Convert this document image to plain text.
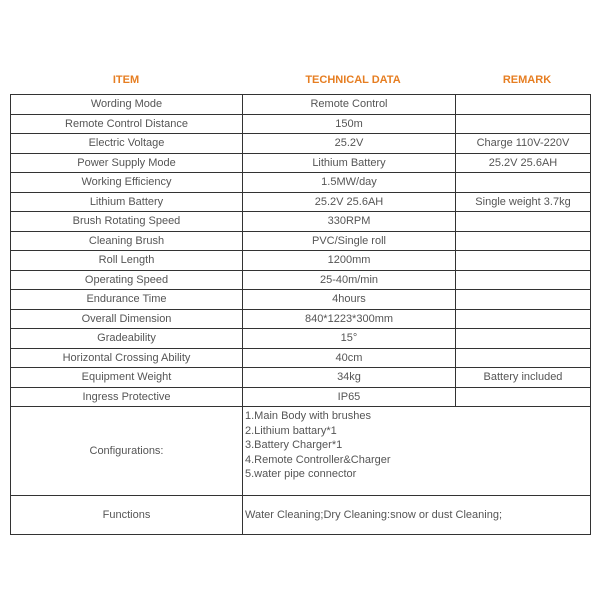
ITEM	TECHNICAL DATA	REMARK
Wording Mode	Remote Control	
Remote Control Distance	150m	
Electric Voltage	25.2V	Charge 110V-220V
Power Supply Mode	Lithium Battery	25.2V 25.6AH
Working Efficiency	1.5MW/day	
Lithium Battery	25.2V 25.6AH	Single weight 3.7kg
Brush Rotating Speed	330RPM	
Cleaning Brush	PVC/Single roll	
Roll Length	1200mm	
Operating Speed	25-40m/min	
Endurance Time	4hours	
Overall Dimension	840*1223*300mm	
Gradeability	15°	
Horizontal Crossing Ability	40cm	
Equipment Weight	34kg	Battery included
Ingress Protective	IP65	
Configurations:	1.Main Body with brushes
2.Lithium battary*1
3.Battery Charger*1
4.Remote Controller&Charger
5.water pipe connector	

Functions	Water Cleaning;Dry Cleaning:snow or dust Cleaning;	
